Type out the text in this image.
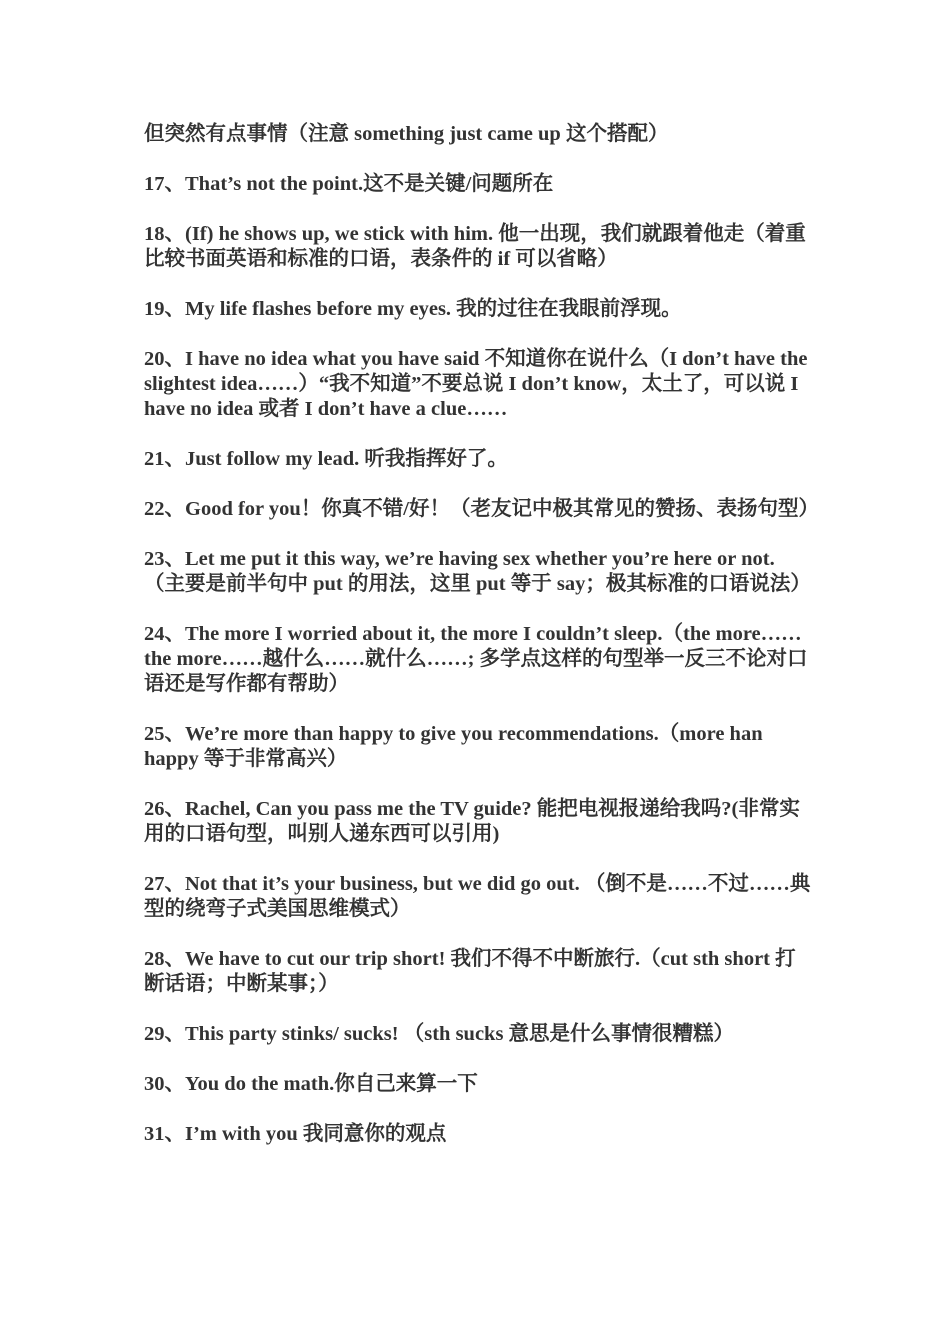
但突然有点事情（注意 something just came up 这个搭配）

17、That’s not the point.这不是关键/问题所在

18、(If) he shows up, we stick with him. 他一出现，我们就跟着他走（着重比较书面英语和标准的口语，表条件的 if 可以省略）

19、My life flashes before my eyes. 我的过往在我眼前浮现。

20、I have no idea what you have said 不知道你在说什么（I don’t have the slightest idea……）“我不知道”不要总说 I don’t know，太土了，可以说 I have no idea 或者 I don’t have a clue……

21、Just follow my lead. 听我指挥好了。

22、Good for you！你真不错/好！（老友记中极其常见的赞扬、表扬句型）

23、Let me put it this way, we’re having sex whether you’re here or not.（主要是前半句中 put 的用法，这里 put 等于 say；极其标准的口语说法）

24、The more I worried about it, the more I couldn’t sleep.（the more……the more……越什么……就什么……; 多学点这样的句型举一反三不论对口语还是写作都有帮助）

25、We’re more than happy to give you recommendations.（more han happy 等于非常高兴）

26、Rachel, Can you pass me the TV guide? 能把电视报递给我吗?(非常实用的口语句型，叫别人递东西可以引用)

27、Not that it’s your business, but we did go out. （倒不是……不过……典型的绕弯子式美国思维模式）

28、We have to cut our trip short! 我们不得不中断旅行.（cut sth short 打断话语；中断某事；）

29、This party stinks/ sucks! （sth sucks 意思是什么事情很糟糕）

30、You do the math.你自己来算一下

31、I’m with you 我同意你的观点
